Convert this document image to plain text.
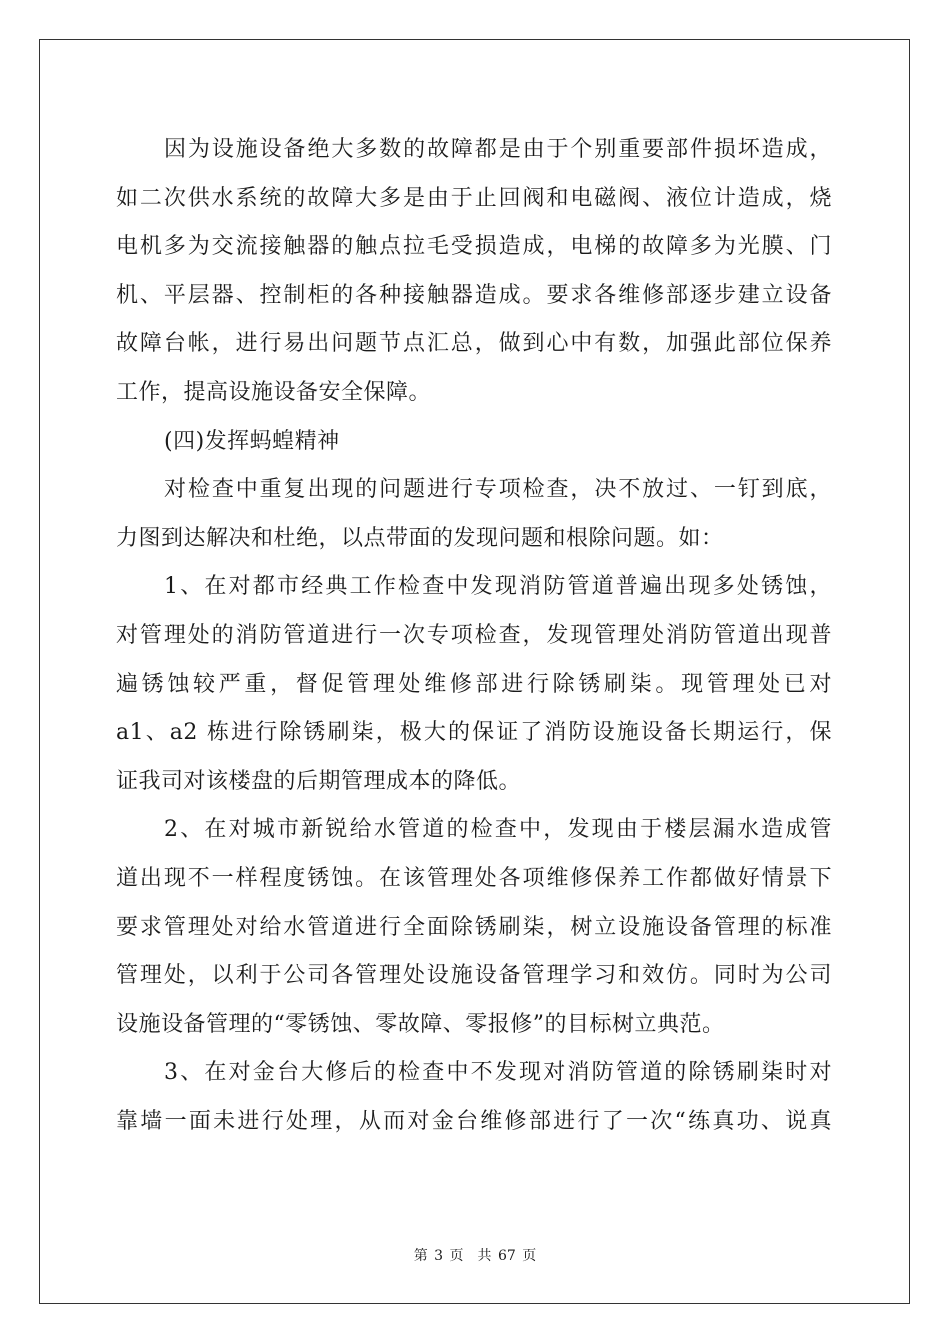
因为设施设备绝大多数的故障都是由于个别重要部件损坏造成，
如二次供水系统的故障大多是由于止回阀和电磁阀、液位计造成，烧
电机多为交流接触器的触点拉毛受损造成，电梯的故障多为光膜、门
机、平层器、控制柜的各种接触器造成。要求各维修部逐步建立设备
故障台帐，进行易出问题节点汇总，做到心中有数，加强此部位保养
工作，提高设施设备安全保障。
(四)发挥蚂蝗精神
对检查中重复出现的问题进行专项检查，决不放过、一钉到底，
力图到达解决和杜绝，以点带面的发现问题和根除问题。如：
1、在对都市经典工作检查中发现消防管道普遍出现多处锈蚀，
对管理处的消防管道进行一次专项检查，发现管理处消防管道出现普
遍锈蚀较严重，督促管理处维修部进行除锈刷柒。现管理处已对
a1、a2 栋进行除锈刷柒，极大的保证了消防设施设备长期运行，保
证我司对该楼盘的后期管理成本的降低。
2、在对城市新锐给水管道的检查中，发现由于楼层漏水造成管
道出现不一样程度锈蚀。在该管理处各项维修保养工作都做好情景下
要求管理处对给水管道进行全面除锈刷柒，树立设施设备管理的标准
管理处，以利于公司各管理处设施设备管理学习和效仿。同时为公司
设施设备管理的“零锈蚀、零故障、零报修”的目标树立典范。
3、在对金台大修后的检查中不发现对消防管道的除锈刷柒时对
靠墙一面未进行处理，从而对金台维修部进行了一次“练真功、说真
第 3 页 共 67 页
